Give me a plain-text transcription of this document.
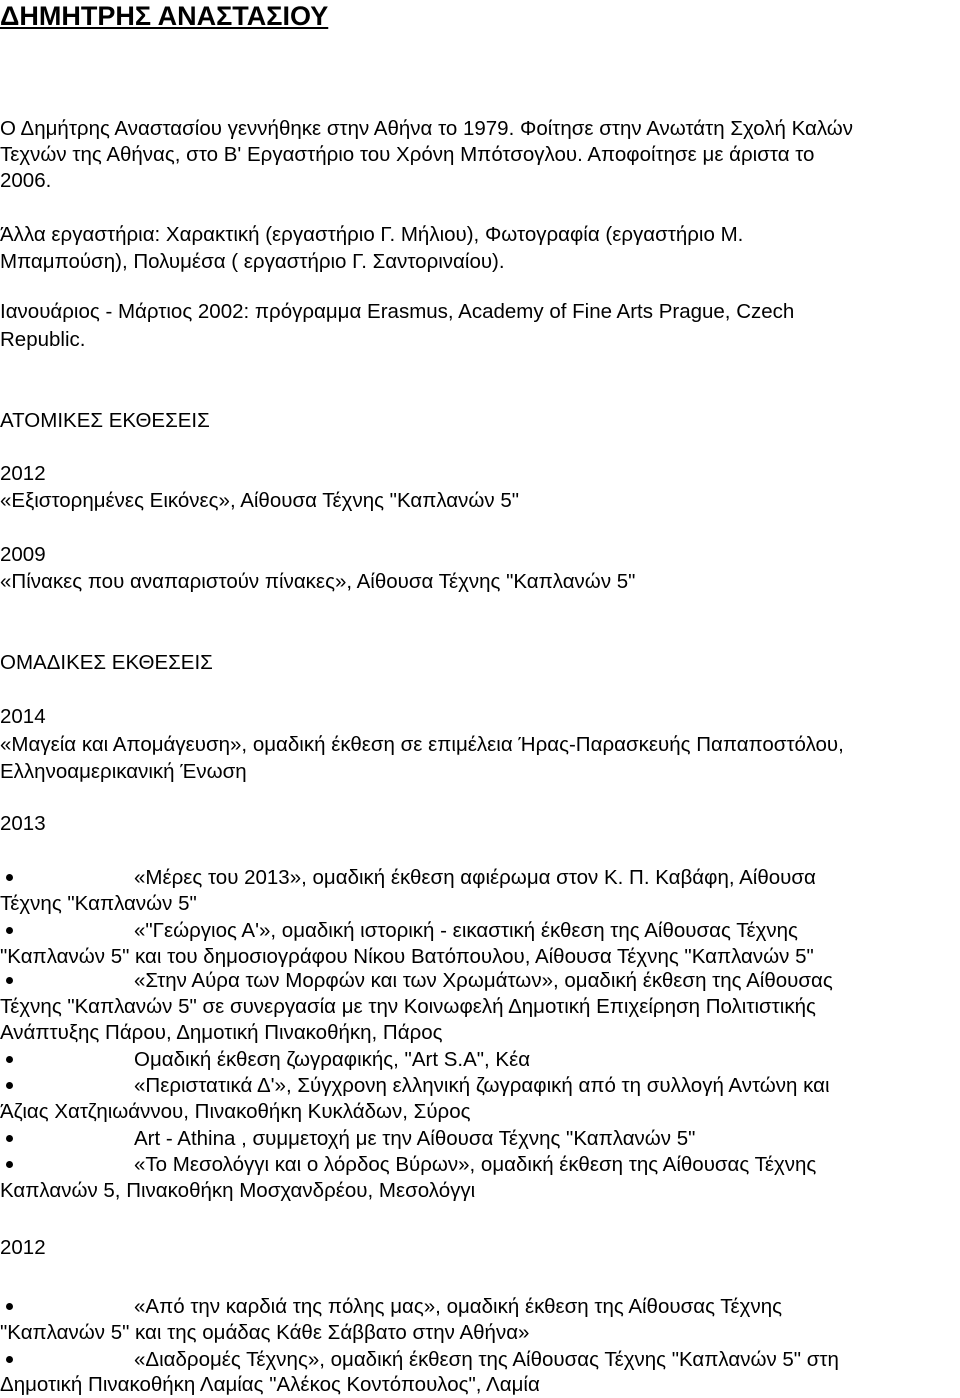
ΔΗΜΗΤΡΗΣ ΑΝΑΣΤΑΣΙΟΥ
Ο Δημήτρης Αναστασίου γεννήθηκε στην Αθήνα το 1979. Φοίτησε στην Ανωτάτη Σχολή Καλών
Τεχνών της Αθήνας, στο Β' Εργαστήριο του Χρόνη Μπότσογλου. Αποφοίτησε με άριστα το
2006.
Άλλα εργαστήρια: Χαρακτική (εργαστήριο Γ. Μήλιου), Φωτογραφία (εργαστήριο Μ.
Μπαμπούση), Πολυμέσα ( εργαστήριο Γ. Σαντοριναίου).
Ιανουάριος - Μάρτιος 2002: πρόγραμμα Erasmus, Academy of Fine Arts Prague, Czech
Republic.
ΑΤΟΜΙΚΕΣ ΕΚΘΕΣΕΙΣ
2012
«Εξιστορημένες Εικόνες», Αίθουσα Τέχνης "Καπλανών 5"
2009
«Πίνακες που αναπαριστούν πίνακες», Αίθουσα Τέχνης "Καπλανών 5"
ΟΜΑΔΙΚΕΣ ΕΚΘΕΣΕΙΣ
2014
«Μαγεία και Απομάγευση», ομαδική έκθεση σε επιμέλεια Ήρας-Παρασκευής Παπαποστόλου,
Ελληνοαμερικανική Ένωση
2013
«Μέρες του 2013», ομαδική έκθεση αφιέρωμα στον Κ. Π. Καβάφη, Αίθουσα
Τέχνης "Καπλανών 5"
«"Γεώργιος Α'», ομαδική ιστορική - εικαστική έκθεση της Αίθουσας Τέχνης
"Καπλανών 5" και του δημοσιογράφου Νίκου Βατόπουλου, Αίθουσα Τέχνης "Καπλανών 5"
«Στην Αύρα των Μορφών και των Χρωμάτων», ομαδική έκθεση της Αίθουσας
Τέχνης "Καπλανών 5" σε συνεργασία με την Κοινωφελή Δημοτική Επιχείρηση Πολιτιστικής
Ανάπτυξης Πάρου, Δημοτική Πινακοθήκη, Πάρος
Ομαδική έκθεση ζωγραφικής, "Art S.A", Κέα
«Περιστατικά Δ'», Σύγχρονη ελληνική ζωγραφική από τη συλλογή Αντώνη και
Άζιας Χατζηιωάννου, Πινακοθήκη Κυκλάδων, Σύρος
Art - Athina , συμμετοχή με την Αίθουσα Τέχνης "Καπλανών 5"
«Το Μεσολόγγι και ο λόρδος Βύρων», ομαδική έκθεση της Αίθουσας Τέχνης
Καπλανών 5, Πινακοθήκη Μοσχανδρέου, Μεσολόγγι
2012
«Από την καρδιά της πόλης μας», ομαδική έκθεση της Αίθουσας Τέχνης
"Καπλανών 5" και της ομάδας Κάθε Σάββατο στην Αθήνα»
«Διαδρομές Τέχνης», ομαδική έκθεση της Αίθουσας Τέχνης "Καπλανών 5" στη
Δημοτική Πινακοθήκη Λαμίας "Αλέκος Κοντόπουλος", Λαμία
